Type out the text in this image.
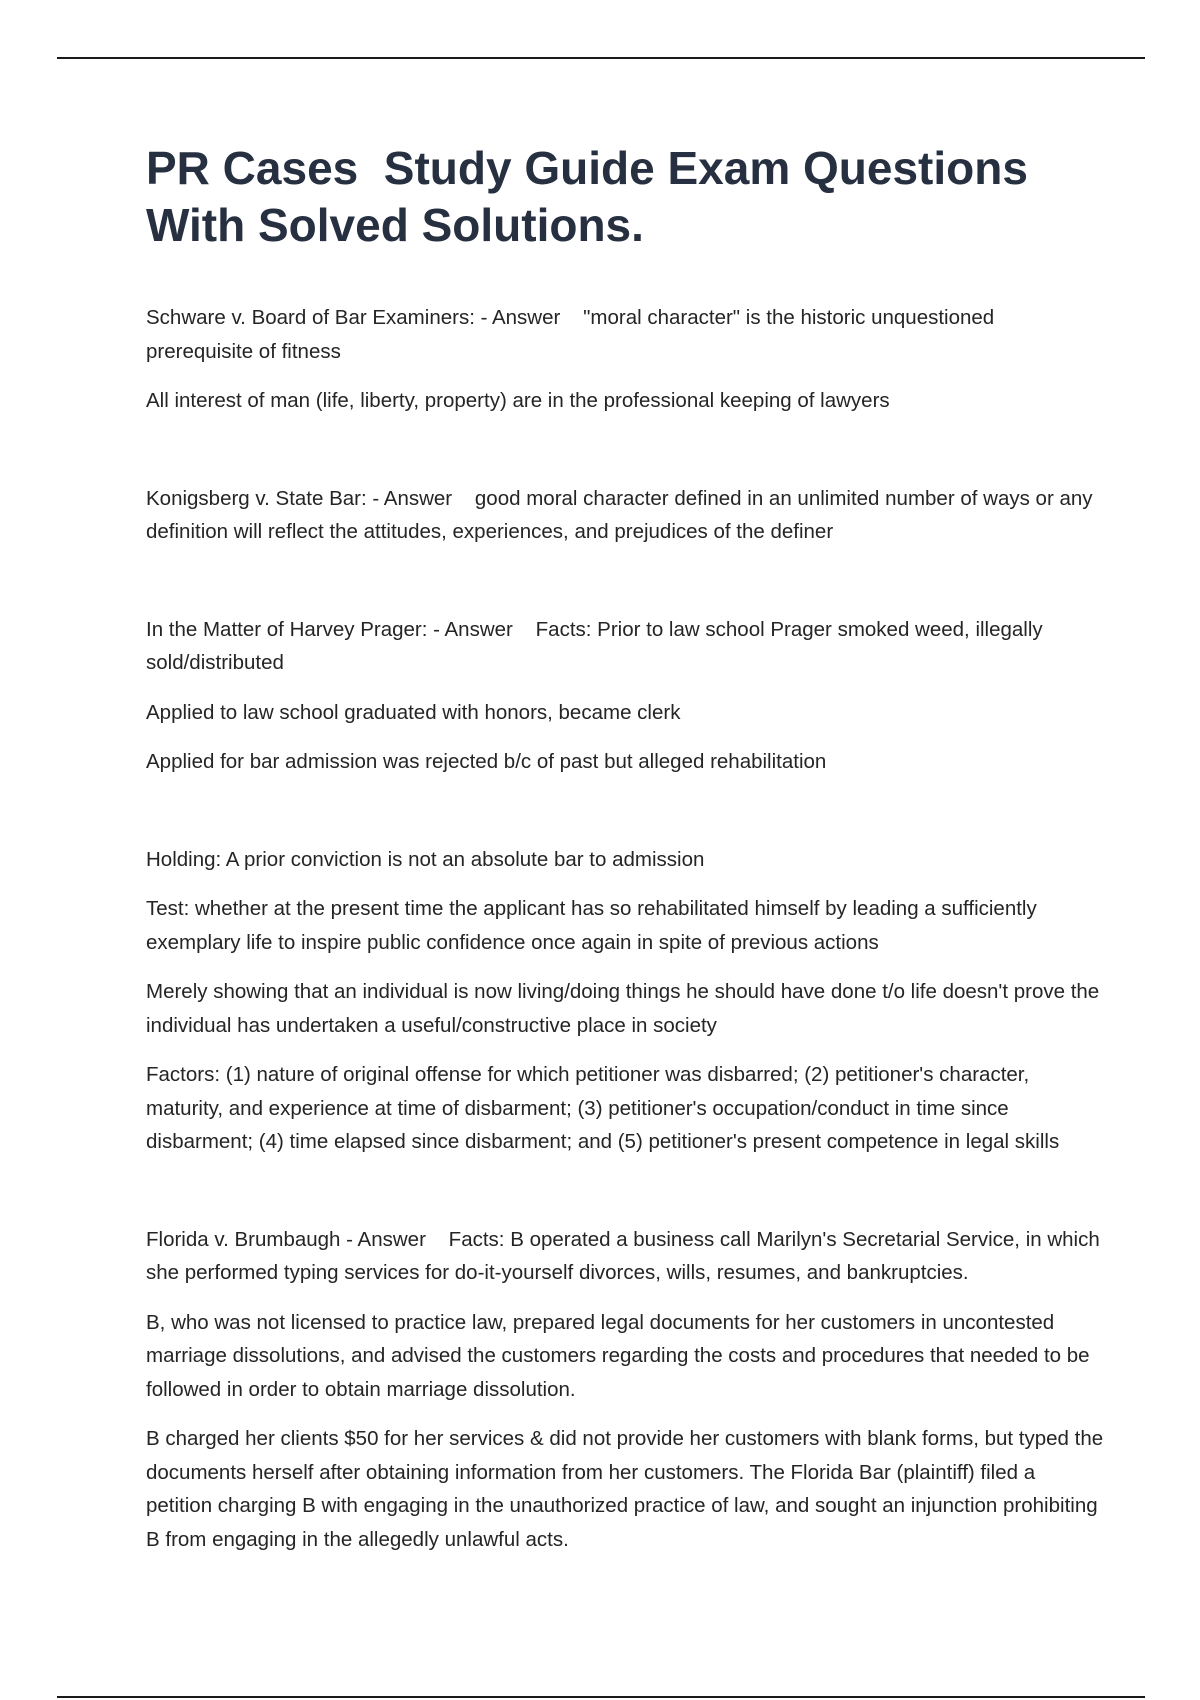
PR Cases  Study Guide Exam Questions With Solved Solutions.

Schware v. Board of Bar Examiners: - Answer    "moral character" is the historic unquestioned prerequisite of fitness

All interest of man (life, liberty, property) are in the professional keeping of lawyers

Konigsberg v. State Bar: - Answer    good moral character defined in an unlimited number of ways or any definition will reflect the attitudes, experiences, and prejudices of the definer

In the Matter of Harvey Prager: - Answer    Facts: Prior to law school Prager smoked weed, illegally sold/distributed

Applied to law school graduated with honors, became clerk

Applied for bar admission was rejected b/c of past but alleged rehabilitation

Holding: A prior conviction is not an absolute bar to admission

Test: whether at the present time the applicant has so rehabilitated himself by leading a sufficiently exemplary life to inspire public confidence once again in spite of previous actions

Merely showing that an individual is now living/doing things he should have done t/o life doesn't prove the individual has undertaken a useful/constructive place in society

Factors: (1) nature of original offense for which petitioner was disbarred; (2) petitioner's character, maturity, and experience at time of disbarment; (3) petitioner's occupation/conduct in time since disbarment; (4) time elapsed since disbarment; and (5) petitioner's present competence in legal skills

Florida v. Brumbaugh - Answer    Facts: B operated a business call Marilyn's Secretarial Service, in which she performed typing services for do-it-yourself divorces, wills, resumes, and bankruptcies.

B, who was not licensed to practice law, prepared legal documents for her customers in uncontested marriage dissolutions, and advised the customers regarding the costs and procedures that needed to be followed in order to obtain marriage dissolution.

B charged her clients $50 for her services & did not provide her customers with blank forms, but typed the documents herself after obtaining information from her customers. The Florida Bar (plaintiff) filed a petition charging B with engaging in the unauthorized practice of law, and sought an injunction prohibiting B from engaging in the allegedly unlawful acts.
